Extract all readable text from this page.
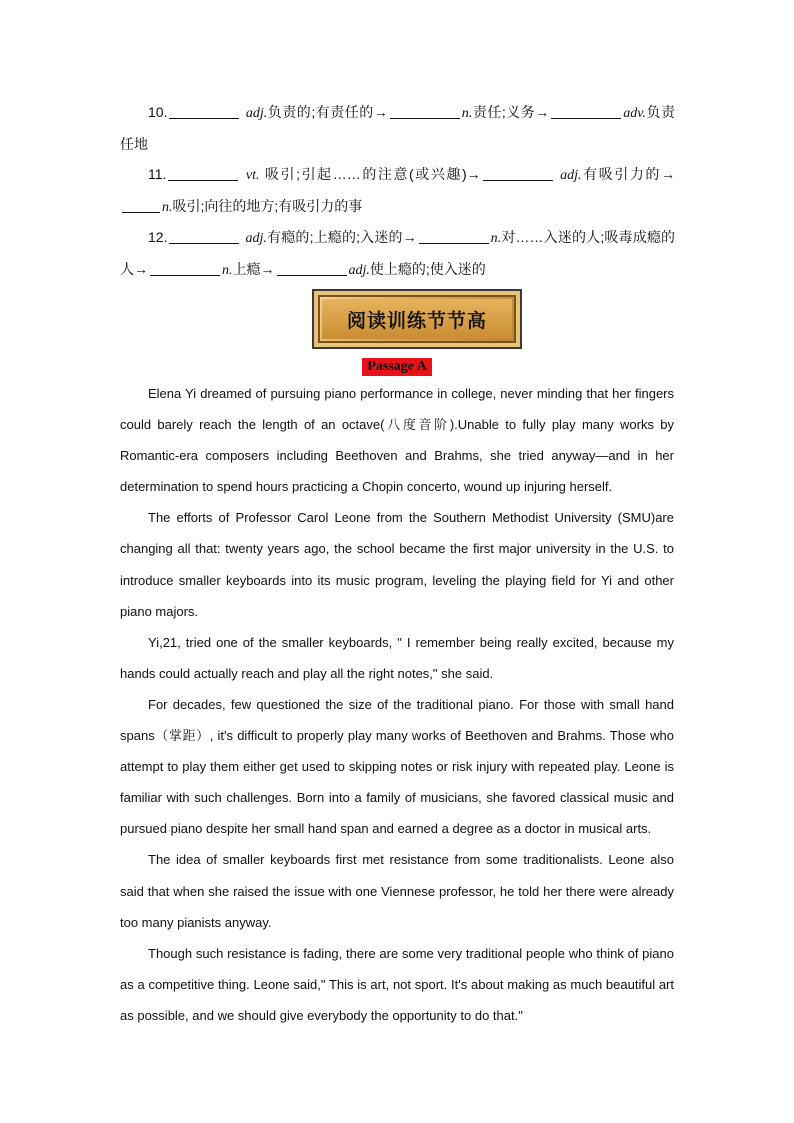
10.	adj.负责的;有责任的→	n.责任;义务→	adv.负责任地

11.	vt. 吸引;引起……的注意(或兴趣)→	adj.有吸引力的→n.吸引;向往的地方;有吸引力的事

12.	adj.有瘾的;上瘾的;入迷的→	n.对……入迷的人;吸毒成瘾的人→	n.上瘾→	adj.使上瘾的;使入迷的

阅读训练节节高
Passage A

Elena Yi dreamed of pursuing piano performance in college, never minding that her fingers could barely reach the length of an octave(八度音阶).Unable to fully play many works by Romantic-era composers including Beethoven and Brahms, she tried anyway—and in her determination to spend hours practicing a Chopin concerto, wound up injuring herself.

The efforts of Professor Carol Leone from the Southern Methodist University (SMU)are changing all that: twenty years ago, the school became the first major university in the U.S. to introduce smaller keyboards into its music program, leveling the playing field for Yi and other piano majors.

Yi,21, tried one of the smaller keyboards, " I remember being really excited, because my hands could actually reach and play all the right notes," she said.

For decades, few questioned the size of the traditional piano. For those with small hand spans（掌距）, it's difficult to properly play many works of Beethoven and Brahms. Those who attempt to play them either get used to skipping notes or risk injury with repeated play. Leone is familiar with such challenges. Born into a family of musicians, she favored classical music and pursued piano despite her small hand span and earned a degree as a doctor in musical arts.

The idea of smaller keyboards first met resistance from some traditionalists. Leone also said that when she raised the issue with one Viennese professor, he told her there were already too many pianists anyway.

Though such resistance is fading, there are some very traditional people who think of piano as a competitive thing. Leone said," This is art, not sport. It's about making as much beautiful art as possible, and we should give everybody the opportunity to do that."
